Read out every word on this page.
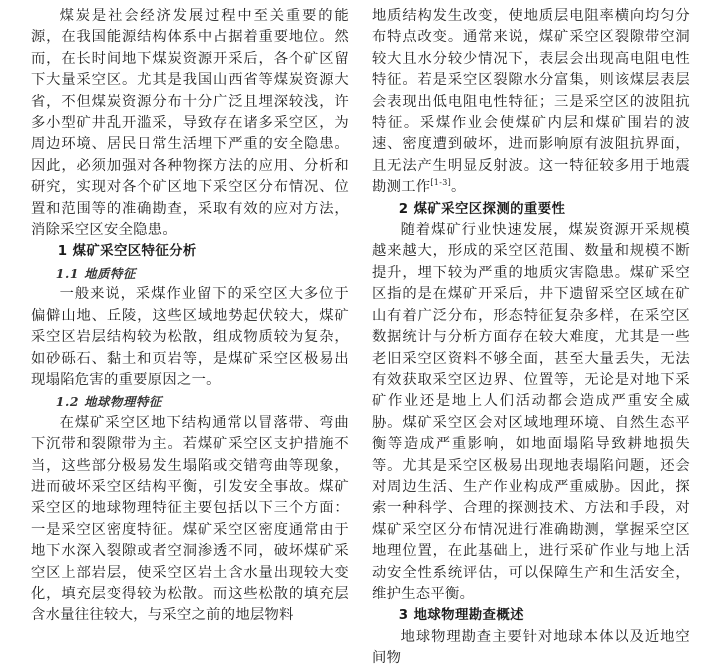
煤炭是社会经济发展过程中至关重要的能源，在我国能源结构体系中占据着重要地位。然而，在长时间地下煤炭资源开采后，各个矿区留下大量采空区。尤其是我国山西省等煤炭资源大省，不但煤炭资源分布十分广泛且埋深较浅，许多小型矿井乱开滥采，导致存在诸多采空区，为周边环境、居民日常生活埋下严重的安全隐患。因此，必须加强对各种物探方法的应用、分析和研究，实现对各个矿区地下采空区分布情况、位置和范围等的准确勘查，采取有效的应对方法，消除采空区安全隐患。

1 煤矿采空区特征分析

1.1 地质特征

一般来说，采煤作业留下的采空区大多位于偏僻山地、丘陵，这些区域地势起伏较大，煤矿采空区岩层结构较为松散，组成物质较为复杂，如砂砾石、黏土和页岩等，是煤矿采空区极易出现塌陷危害的重要原因之一。

1.2 地球物理特征

在煤矿采空区地下结构通常以冒落带、弯曲下沉带和裂隙带为主。若煤矿采空区支护措施不当，这些部分极易发生塌陷或交错弯曲等现象，进而破坏采空区结构平衡，引发安全事故。煤矿采空区的地球物理特征主要包括以下三个方面：一是采空区密度特征。煤矿采空区密度通常由于地下水深入裂隙或者空洞渗透不同，破坏煤矿采空区上部岩层，使采空区岩土含水量出现较大变化，填充层变得较为松散。而这些松散的填充层含水量往往较大，与采空之前的地层物料

地质结构发生改变，使地质层电阻率横向均匀分布特点改变。通常来说，煤矿采空区裂隙带空洞较大且水分较少情况下，表层会出现高电阻电性特征。若是采空区裂隙水分富集，则该煤层表层会表现出低电阻电性特征；三是采空区的波阻抗特征。采煤作业会使煤矿内层和煤矿围岩的波速、密度遭到破坏，进而影响原有波阻抗界面，且无法产生明显反射波。这一特征较多用于地震勘测工作[1-3]。

2 煤矿采空区探测的重要性

随着煤矿行业快速发展，煤炭资源开采规模越来越大，形成的采空区范围、数量和规模不断提升，埋下较为严重的地质灾害隐患。煤矿采空区指的是在煤矿开采后，井下遗留采空区域在矿山有着广泛分布，形态特征复杂多样，在采空区数据统计与分析方面存在较大难度，尤其是一些老旧采空区资料不够全面，甚至大量丢失，无法有效获取采空区边界、位置等，无论是对地下采矿作业还是地上人们活动都会造成严重安全威胁。煤矿采空区会对区域地理环境、自然生态平衡等造成严重影响，如地面塌陷导致耕地损失等。尤其是采空区极易出现地表塌陷问题，还会对周边生活、生产作业构成严重威胁。因此，探索一种科学、合理的探测技术、方法和手段，对煤矿采空区分布情况进行准确勘测，掌握采空区地理位置，在此基础上，进行采矿作业与地上活动安全性系统评估，可以保障生产和生活安全，维护生态平衡。

3 地球物理勘查概述

地球物理勘查主要针对地球本体以及近地空间物
